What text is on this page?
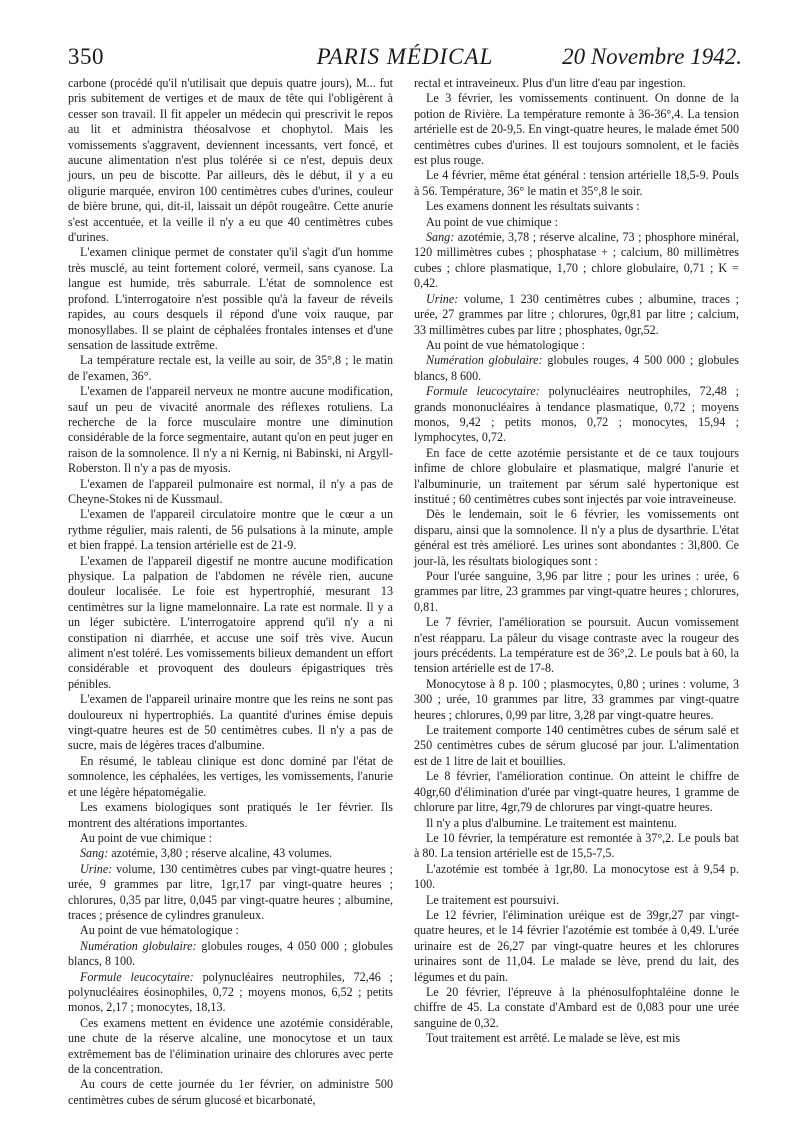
350	PARIS MÉDICAL	20 Novembre 1942.

carbone (procédé qu'il n'utilisait que depuis quatre jours), M... fut pris subitement de vertiges et de maux de tête qui l'obligèrent à cesser son travail. Il fit appeler un médecin qui prescrivit le repos au lit et administra théosalvose et chophytol. Mais les vomissements s'aggravent, deviennent incessants, vert foncé, et aucune alimentation n'est plus tolérée si ce n'est, depuis deux jours, un peu de biscotte. Par ailleurs, dès le début, il y a eu oligurie marquée, environ 100 centimètres cubes d'urines, couleur de bière brune, qui, dit-il, laissait un dépôt rougeâtre. Cette anurie s'est accentuée, et la veille il n'y a eu que 40 centimètres cubes d'urines.

L'examen clinique permet de constater qu'il s'agit d'un homme très musclé, au teint fortement coloré, vermeil, sans cyanose. La langue est humide, très saburrale. L'état de somnolence est profond. L'interrogatoire n'est possible qu'à la faveur de réveils rapides, au cours desquels il répond d'une voix rauque, par monosyllabes. Il se plaint de céphalées frontales intenses et d'une sensation de lassitude extrême.

La température rectale est, la veille au soir, de 35°,8 ; le matin de l'examen, 36°.

L'examen de l'appareil nerveux ne montre aucune modification, sauf un peu de vivacité anormale des réflexes rotuliens. La recherche de la force musculaire montre une diminution considérable de la force segmentaire, autant qu'on en peut juger en raison de la somnolence. Il n'y a ni Kernig, ni Babinski, ni Argyll-Roberston. Il n'y a pas de myosis.

L'examen de l'appareil pulmonaire est normal, il n'y a pas de Cheyne-Stokes ni de Kussmaul.

L'examen de l'appareil circulatoire montre que le cœur a un rythme régulier, mais ralenti, de 56 pulsations à la minute, ample et bien frappé. La tension artérielle est de 21-9.

L'examen de l'appareil digestif ne montre aucune modification physique. La palpation de l'abdomen ne révèle rien, aucune douleur localisée. Le foie est hypertrophié, mesurant 13 centimètres sur la ligne mamelonnaire. La rate est normale. Il y a un léger subictère. L'interrogatoire apprend qu'il n'y a ni constipation ni diarrhée, et accuse une soif très vive. Aucun aliment n'est toléré. Les vomissements bilieux demandent un effort considérable et provoquent des douleurs épigastriques très pénibles.

L'examen de l'appareil urinaire montre que les reins ne sont pas douloureux ni hypertrophiés. La quantité d'urines émise depuis vingt-quatre heures est de 50 centimètres cubes. Il n'y a pas de sucre, mais de légères traces d'albumine.

En résumé, le tableau clinique est donc dominé par l'état de somnolence, les céphalées, les vertiges, les vomissements, l'anurie et une légère hépatomégalie.

Les examens biologiques sont pratiqués le 1er février. Ils montrent des altérations importantes.

Au point de vue chimique :

Sang: azotémie, 3,80 ; réserve alcaline, 43 volumes.

Urine: volume, 130 centimètres cubes par vingt-quatre heures ; urée, 9 grammes par litre, 1gr,17 par vingt-quatre heures ; chlorures, 0,35 par litre, 0,045 par vingt-quatre heures ; albumine, traces ; présence de cylindres granuleux.

Au point de vue hématologique :

Numération globulaire: globules rouges, 4 050 000 ; globules blancs, 8 100.

Formule leucocytaire: polynucléaires neutrophiles, 72,46 ; polynucléaires éosinophiles, 0,72 ; moyens monos, 6,52 ; petits monos, 2,17 ; monocytes, 18,13.

Ces examens mettent en évidence une azotémie considérable, une chute de la réserve alcaline, une monocytose et un taux extrêmement bas de l'élimination urinaire des chlorures avec perte de la concentration.

Au cours de cette journée du 1er février, on administre 500 centimètres cubes de sérum glucosé et bicarbonaté,

rectal et intraveineux. Plus d'un litre d'eau par ingestion.

Le 3 février, les vomissements continuent. On donne de la potion de Rivière. La température remonte à 36-36°,4. La tension artérielle est de 20-9,5. En vingt-quatre heures, le malade émet 500 centimètres cubes d'urines. Il est toujours somnolent, et le faciès est plus rouge.

Le 4 février, même état général : tension artérielle 18,5-9. Pouls à 56. Température, 36° le matin et 35°,8 le soir.

Les examens donnent les résultats suivants :

Au point de vue chimique :

Sang: azotémie, 3,78 ; réserve alcaline, 73 ; phosphore minéral, 120 millimètres cubes ; phosphatase + ; calcium, 80 millimètres cubes ; chlore plasmatique, 1,70 ; chlore globulaire, 0,71 ; K = 0,42.

Urine: volume, 1 230 centimètres cubes ; albumine, traces ; urée, 27 grammes par litre ; chlorures, 0gr,81 par litre ; calcium, 33 millimètres cubes par litre ; phosphates, 0gr,52.

Au point de vue hématologique :

Numération globulaire: globules rouges, 4 500 000 ; globules blancs, 8 600.

Formule leucocytaire: polynucléaires neutrophiles, 72,48 ; grands mononucléaires à tendance plasmatique, 0,72 ; moyens monos, 9,42 ; petits monos, 0,72 ; monocytes, 15,94 ; lymphocytes, 0,72.

En face de cette azotémie persistante et de ce taux toujours infime de chlore globulaire et plasmatique, malgré l'anurie et l'albuminurie, un traitement par sérum salé hypertonique est institué ; 60 centimètres cubes sont injectés par voie intraveineuse.

Dès le lendemain, soit le 6 février, les vomissements ont disparu, ainsi que la somnolence. Il n'y a plus de dysarthrie. L'état général est très amélioré. Les urines sont abondantes : 3l,800. Ce jour-là, les résultats biologiques sont :

Pour l'urée sanguine, 3,96 par litre ; pour les urines : urée, 6 grammes par litre, 23 grammes par vingt-quatre heures ; chlorures, 0,81.

Le 7 février, l'amélioration se poursuit. Aucun vomissement n'est réapparu. La pâleur du visage contraste avec la rougeur des jours précédents. La température est de 36°,2. Le pouls bat à 60, la tension artérielle est de 17-8.

Monocytose à 8 p. 100 ; plasmocytes, 0,80 ; urines : volume, 3 300 ; urée, 10 grammes par litre, 33 grammes par vingt-quatre heures ; chlorures, 0,99 par litre, 3,28 par vingt-quatre heures.

Le traitement comporte 140 centimètres cubes de sérum salé et 250 centimètres cubes de sérum glucosé par jour. L'alimentation est de 1 litre de lait et bouillies.

Le 8 février, l'amélioration continue. On atteint le chiffre de 40gr,60 d'élimination d'urée par vingt-quatre heures, 1 gramme de chlorure par litre, 4gr,79 de chlorures par vingt-quatre heures.

Il n'y a plus d'albumine. Le traitement est maintenu.

Le 10 février, la température est remontée à 37°,2. Le pouls bat à 80. La tension artérielle est de 15,5-7,5.

L'azotémie est tombée à 1gr,80. La monocytose est à 9,54 p. 100.

Le traitement est poursuivi.

Le 12 février, l'élimination uréique est de 39gr,27 par vingt-quatre heures, et le 14 février l'azotémie est tombée à 0,49. L'urée urinaire est de 26,27 par vingt-quatre heures et les chlorures urinaires sont de 11,04. Le malade se lève, prend du lait, des légumes et du pain.

Le 20 février, l'épreuve à la phénosulfophtaléine donne le chiffre de 45. La constate d'Ambard est de 0,083 pour une urée sanguine de 0,32.

Tout traitement est arrêté. Le malade se lève, est mis
